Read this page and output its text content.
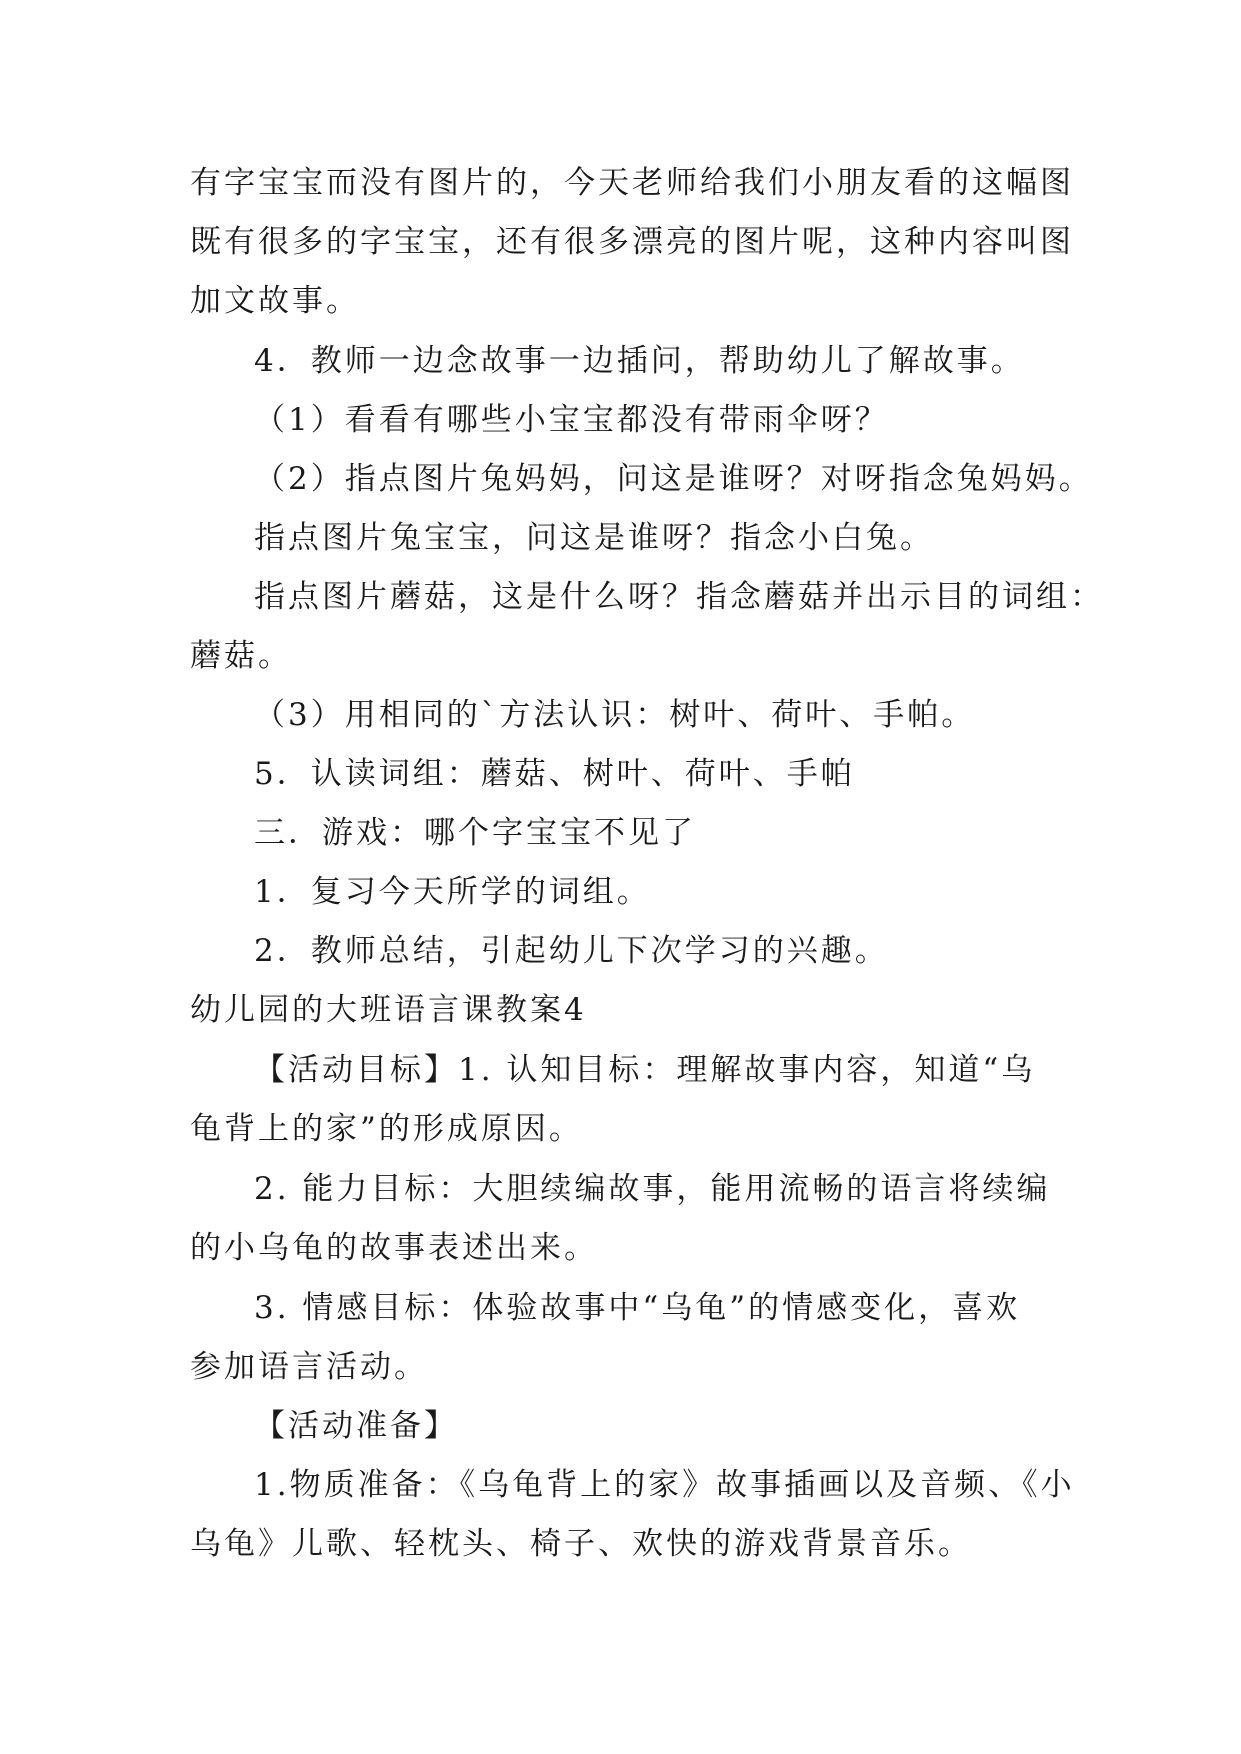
有字宝宝而没有图片的，今天老师给我们小朋友看的这幅图
既有很多的字宝宝，还有很多漂亮的图片呢，这种内容叫图
加文故事。
4．教师一边念故事一边插问，帮助幼儿了解故事。
（1）看看有哪些小宝宝都没有带雨伞呀？
（2）指点图片兔妈妈，问这是谁呀？对呀指念兔妈妈。
指点图片兔宝宝，问这是谁呀？指念小白兔。
指点图片蘑菇，这是什么呀？指念蘑菇并出示目的词组：
蘑菇。
（3）用相同的`方法认识：树叶、荷叶、手帕。
5．认读词组：蘑菇、树叶、荷叶、手帕
三．游戏：哪个字宝宝不见了
1．复习今天所学的词组。
2．教师总结，引起幼儿下次学习的兴趣。
幼儿园的大班语言课教案4
【活动目标】1. 认知目标：理解故事内容，知道“乌
龟背上的家”的形成原因。
2. 能力目标：大胆续编故事，能用流畅的语言将续编
的小乌龟的故事表述出来。
3. 情感目标：体验故事中“乌龟”的情感变化，喜欢
参加语言活动。
【活动准备】
1.物质准备：《乌龟背上的家》故事插画以及音频、《小
乌龟》儿歌、轻枕头、椅子、欢快的游戏背景音乐。
